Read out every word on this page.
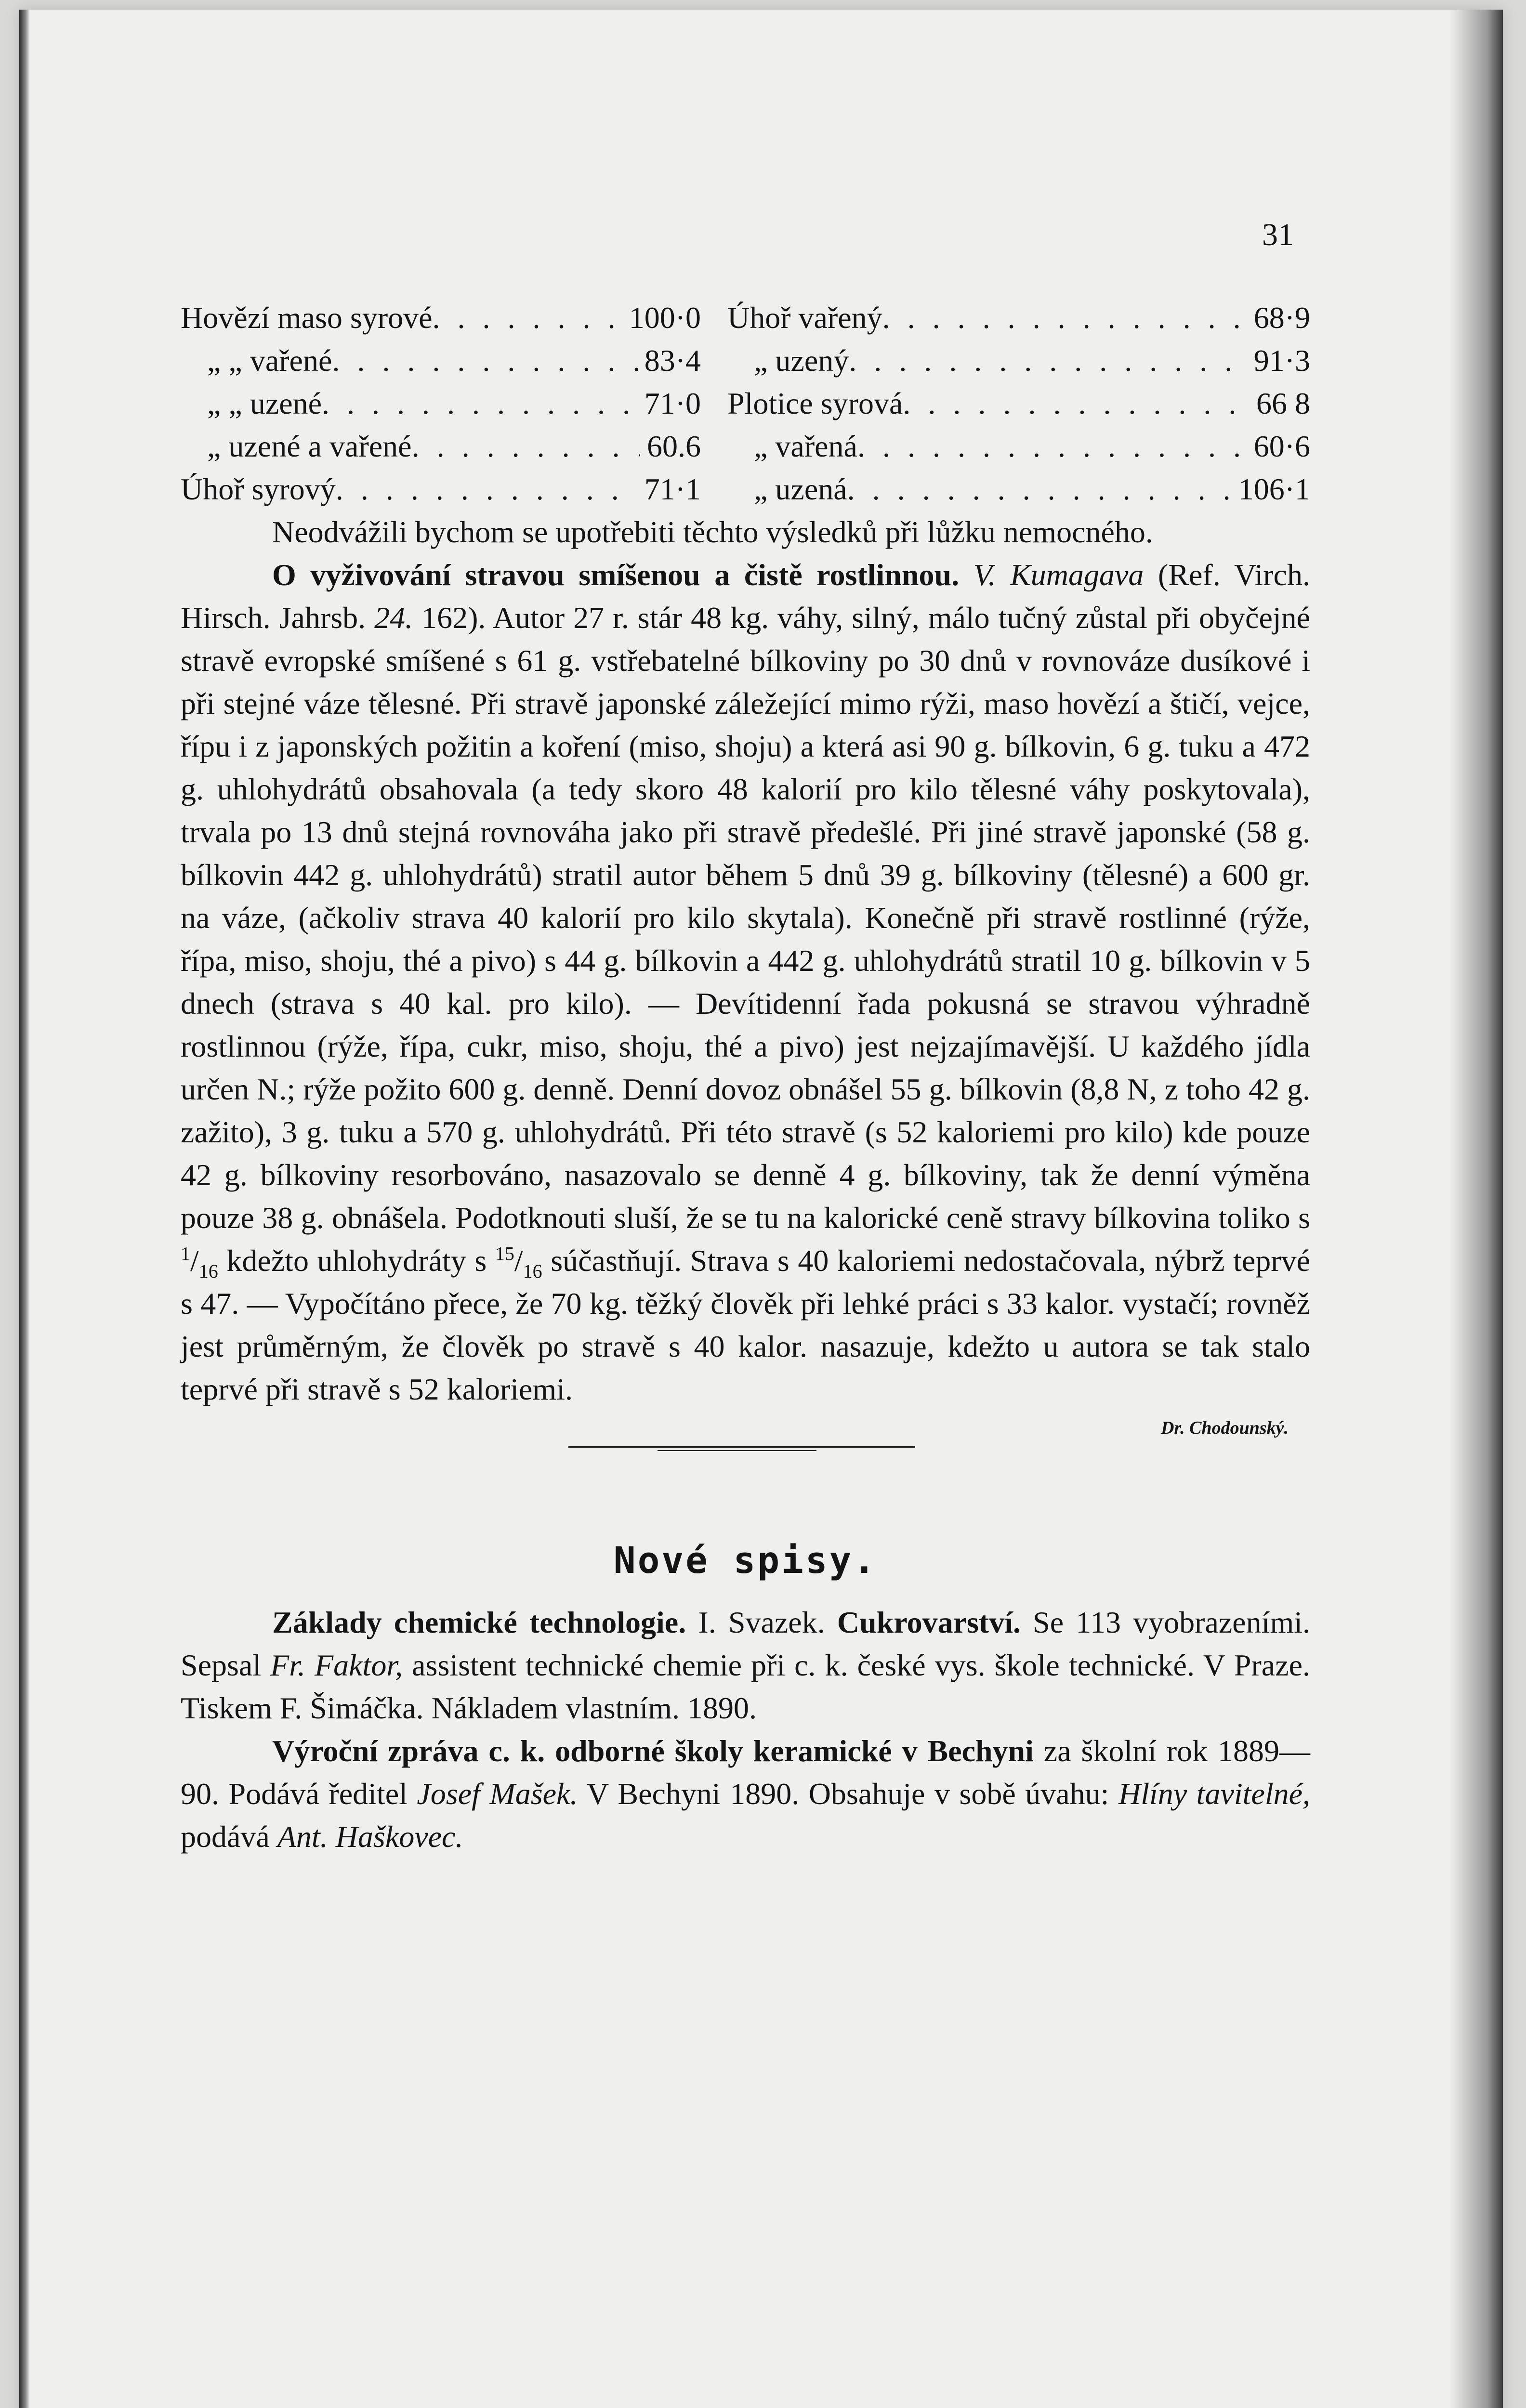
31
Hovězí maso syrové . . .	100·0 Úhoř vařený . . .	68·9
„ „ vařené . . .	83·4	„ uzený . . .	91·3
„ „ uzené . . .	71·0 Plotice syrová . . .	66 8
„ uzené a vařené . . .	60.6	„ vařená . . .	60·6
Úhoř syrový . . .	71·1	„ uzená . . .	106·1

Neodvážili bychom se upotřebiti těchto výsledků při lůžku nemocného.

O vyživování stravou smíšenou a čistě rostlinnou. V. Kumagava (Ref. Virch. Hirsch. Jahrsb. 24. 162). Autor 27 r. stár 48 kg. váhy, silný, málo tučný zůstal při obyčejné stravě evropské smíšené s 61 g. vstřebatelné bílkoviny po 30 dnů v rovnováze dusíkové i při stejné váze tělesné. Při stravě japonské záležející mimo rýži, maso hovězí a štičí, vejce, řípu i z japonských požitin a koření (miso, shoju) a která asi 90 g. bílkovin, 6 g. tuku a 472 g. uhlohydrátů obsahovala (a tedy skoro 48 kalorií pro kilo tělesné váhy poskytovala), trvala po 13 dnů stejná rovnováha jako při stravě předešlé. Při jiné stravě japonské (58 g. bílkovin 442 g. uhlohydrátů) stratil autor během 5 dnů 39 g. bílkoviny (tělesné) a 600 gr. na váze, (ačkoliv strava 40 kalorií pro kilo skytala). Konečně při stravě rostlinné (rýže, řípa, miso, shoju, thé a pivo) s 44 g. bílkovin a 442 g. uhlohydrátů stratil 10 g. bílkovin v 5 dnech (strava s 40 kal. pro kilo). — Devítidenní řada pokusná se stravou výhradně rostlinnou (rýže, řípa, cukr, miso, shoju, thé a pivo) jest nejzajímavější. U každého jídla určen N.; rýže požito 600 g. denně. Denní dovoz obnášel 55 g. bílkovin (8,8 N, z toho 42 g. zažito), 3 g. tuku a 570 g. uhlohydrátů. Při této stravě (s 52 kaloriemi pro kilo) kde pouze 42 g. bílkoviny resorbováno, nasazovalo se denně 4 g. bílkoviny, tak že denní výměna pouze 38 g. obnášela. Podotknouti sluší, že se tu na kalorické ceně stravy bílkovina toliko s $^1/_{16}$ kdežto uhlohydráty s $^{15}/_{16}$ súčastňují. Strava s 40 kaloriemi nedostačovala, nýbrž teprvé s 47. — Vypočítáno přece, že 70 kg. těžký člověk při lehké práci s 33 kalor. vystačí; rovněž jest průměrným, že člověk po stravě s 40 kalor. nasazuje, kdežto u autora se tak stalo teprvé při stravě s 52 kaloriemi.

Dr. Chodounský.
Nové spisy.

Základy chemické technologie. I. Svazek. Cukrovarství. Se 113 vyobrazeními. Sepsal Fr. Faktor, assistent technické chemie při c. k. české vys. škole technické. V Praze. Tiskem F. Šimáčka. Nákladem vlastním. 1890.

Výroční zpráva c. k. odborné školy keramické v Bechyni za školní rok 1889—90. Podává ředitel Josef Mašek. V Bechyni 1890. Obsahuje v sobě úvahu: Hlíny tavitelné, podává Ant. Haškovec.
